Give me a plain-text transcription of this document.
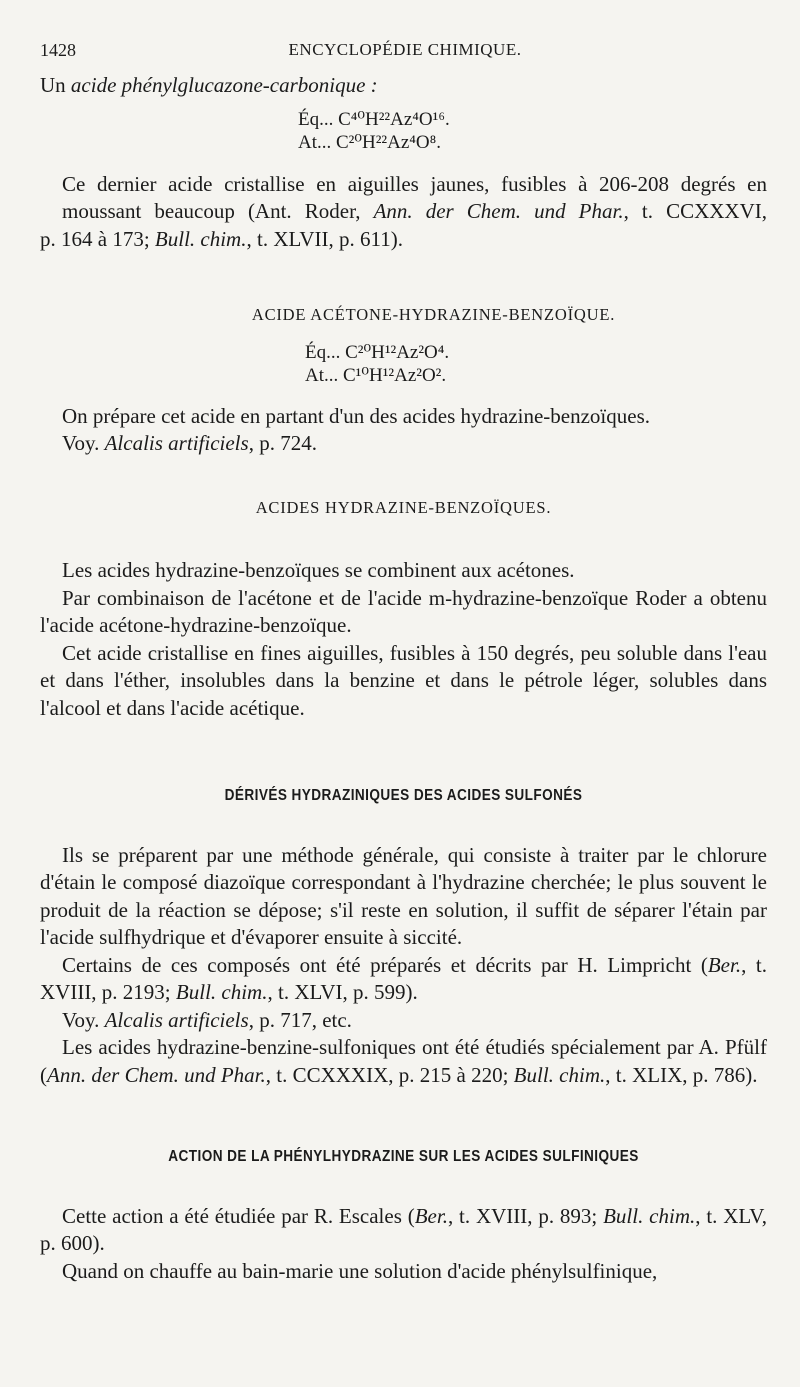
1428	ENCYCLOPÉDIE CHIMIQUE.

Un acide phénylglucazone-carbonique :

Éq... C⁴⁰H²²Az⁴O¹⁶.
At... C²⁰H²²Az⁴O⁸.

Ce dernier acide cristallise en aiguilles jaunes, fusibles à 206-208 degrés en
moussant beaucoup (Ant. Roder, Ann. der Chem. und Phar., t. CCXXXVI,
p. 164 à 173; Bull. chim., t. XLVII, p. 611).

ACIDE ACÉTONE-HYDRAZINE-BENZOÏQUE.
Éq... C²⁰H¹²Az²O⁴.
At... C¹⁰H¹²Az²O².

On prépare cet acide en partant d'un des acides hydrazine-benzoïques.
Voy. Alcalis artificiels, p. 724.

ACIDES HYDRAZINE-BENZOÏQUES.

Les acides hydrazine-benzoïques se combinent aux acétones.

Par combinaison de l'acétone et de l'acide m-hydrazine-benzoïque Roder a obtenu l'acide acétone-hydrazine-benzoïque.

Cet acide cristallise en fines aiguilles, fusibles à 150 degrés, peu soluble dans l'eau et dans l'éther, insolubles dans la benzine et dans le pétrole léger, solubles dans l'alcool et dans l'acide acétique.

DÉRIVÉS HYDRAZINIQUES DES ACIDES SULFONÉS

Ils se préparent par une méthode générale, qui consiste à traiter par le chlorure d'étain le composé diazoïque correspondant à l'hydrazine cherchée; le plus souvent le produit de la réaction se dépose; s'il reste en solution, il suffit de séparer l'étain par l'acide sulfhydrique et d'évaporer ensuite à siccité.

Certains de ces composés ont été préparés et décrits par H. Limpricht (Ber., t. XVIII, p. 2193; Bull. chim., t. XLVI, p. 599).

Voy. Alcalis artificiels, p. 717, etc.

Les acides hydrazine-benzine-sulfoniques ont été étudiés spécialement par A. Pfülf (Ann. der Chem. und Phar., t. CCXXXIX, p. 215 à 220; Bull. chim., t. XLIX, p. 786).

ACTION DE LA PHÉNYLHYDRAZINE SUR LES ACIDES SULFINIQUES

Cette action a été étudiée par R. Escales (Ber., t. XVIII, p. 893; Bull. chim., t. XLV, p. 600).

Quand on chauffe au bain-marie une solution d'acide phénylsulfinique,
